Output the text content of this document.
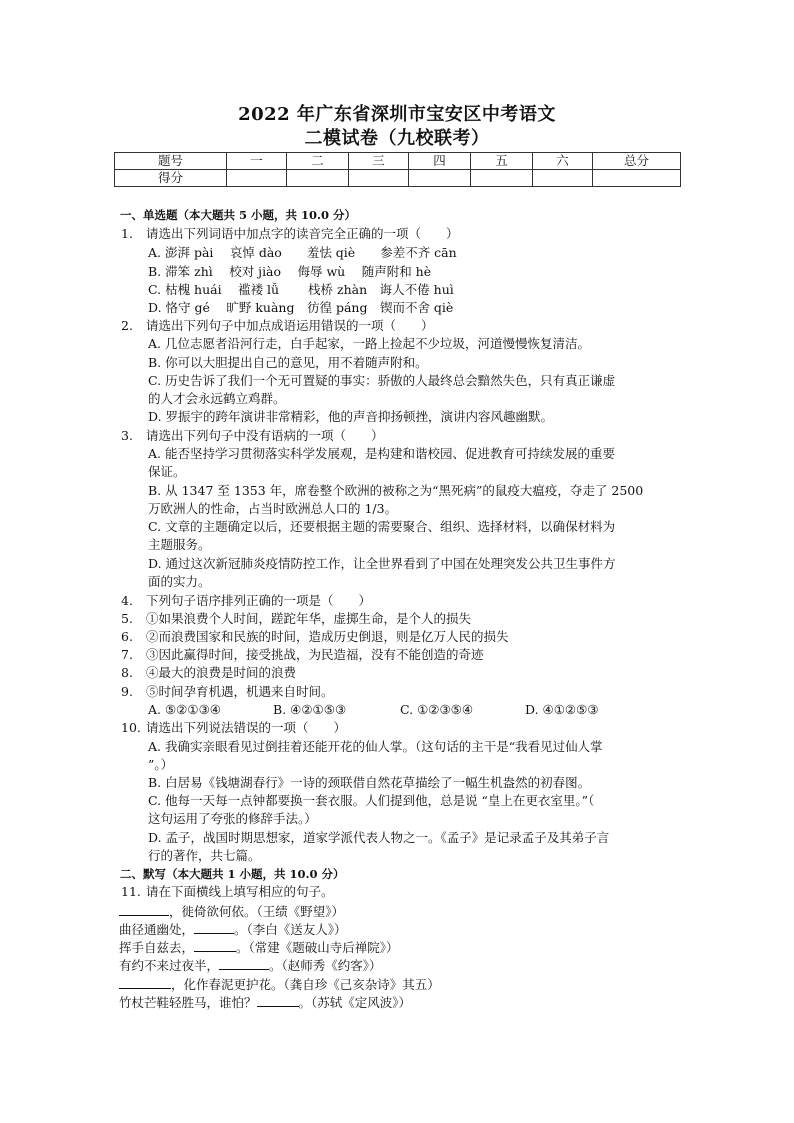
2022 年广东省深圳市宝安区中考语文
二模试卷（九校联考）
题号	一	二	三	四	五	六	总分
得分							
一、单选题（本大题共 5 小题，共 10.0 分）
1. 请选出下列词语中加点字的读音完全正确的一项（　　）
A. 澎湃 pài　 哀悼 dào　　羞怯 qiè　　参差不齐 cān
B. 滞笨 zhì　 校对 jiào　 侮辱 wù　 随声附和 hè
C. 枯槐 huái　 褴褛 lǚ　　 栈桥 zhàn　诲人不倦 huì
D. 恪守 gé　 旷野 kuàng　彷徨 páng　锲而不舍 qiè
2. 请选出下列句子中加点成语运用错误的一项（　　）
A. 几位志愿者沿河行走，白手起家，一路上捡起不少垃圾，河道慢慢恢复清洁。
B. 你可以大胆提出自己的意见，用不着随声附和。
C. 历史告诉了我们一个无可置疑的事实：骄傲的人最终总会黯然失色，只有真正谦虚
的人才会永远鹤立鸡群。
D. 罗振宇的跨年演讲非常精彩，他的声音抑扬顿挫，演讲内容风趣幽默。
3. 请选出下列句子中没有语病的一项（　　）
A. 能否坚持学习贯彻落实科学发展观，是构建和谐校园、促进教育可持续发展的重要
保证。
B. 从 1347 至 1353 年，席卷整个欧洲的被称之为“黑死病”的鼠疫大瘟疫，夺走了 2500
万欧洲人的性命，占当时欧洲总人口的 1/3。
C. 文章的主题确定以后，还要根据主题的需要聚合、组织、选择材料，以确保材料为
主题服务。
D. 通过这次新冠肺炎疫情防控工作，让全世界看到了中国在处理突发公共卫生事件方
面的实力。
4. 下列句子语序排列正确的一项是（　　）
5. ①如果浪费个人时间，蹉跎年华，虚掷生命，是个人的损失
6. ②而浪费国家和民族的时间，造成历史倒退，则是亿万人民的损失
7. ③因此赢得时间，接受挑战，为民造福，没有不能创造的奇迹
8. ④最大的浪费是时间的浪费
9. ⑤时间孕育机遇，机遇来自时间。
A. ⑤②①③④	B. ④②①⑤③	C. ①②③⑤④	D. ④①②⑤③
10. 请选出下列说法错误的一项（　　）
A. 我确实亲眼看见过倒挂着还能开花的仙人掌。（这句话的主干是“我看见过仙人掌
”。）
B. 白居易《钱塘湖春行》一诗的颈联借自然花草描绘了一幅生机盎然的初春图。
C. 他每一天每一点钟都要换一套衣服。人们提到他，总是说 “皇上在更衣室里。”（
这句运用了夸张的修辞手法。）
D. 孟子，战国时期思想家，道家学派代表人物之一。《孟子》是记录孟子及其弟子言
行的著作，共七篇。
二、默写（本大题共 1 小题，共 10.0 分）
11. 请在下面横线上填写相应的句子。
，徙倚欲何依。（王绩《野望》）
曲径通幽处，	。（李白《送友人》）
挥手自兹去，	。（常建《题破山寺后禅院》）
有约不来过夜半，	。（赵师秀《约客》）
，化作春泥更护花。（龚自珍《己亥杂诗》其五）
竹杖芒鞋轻胜马，谁怕？	。（苏轼《定风波》）
